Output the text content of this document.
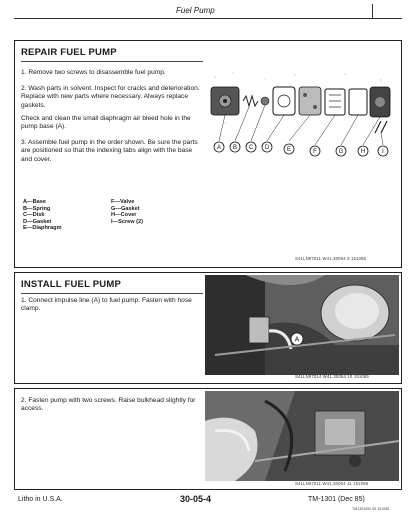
Fuel Pump
REPAIR FUEL PUMP
1. Remove two screws to disassemble fuel pump.
2. Wash parts in solvent. Inspect for cracks and deterioration. Replace with new parts where necessary. Always replace gaskets.
Check and clean the small diaphragm air bleed hole in the pump base (A).
3. Assemble fuel pump in the order shown. Be sure the parts are positioned so that the indexing tabs align with the base and cover.
A—Base
B—Spring
C—Disk
D—Gasket
E—Diaphragm
F—Valve
G—Gasket
H—Cover
I—Screw (2)
A B C D	E	F	G	H	I
S41LN97011 W41,30054 9 151085
INSTALL FUEL PUMP
1. Connect impulse line (A) to fuel pump. Fasten with hose clamp.
A
S41LN97014 W41,30054 10 151085
2. Fasten pump with two screws. Raise bulkhead slightly for access.
S41LN97011 W41,30054 11 151085
Litho in U.S.A.	30-05-4	TM-1301 (Dec 85)
TM1301050 05 151085
